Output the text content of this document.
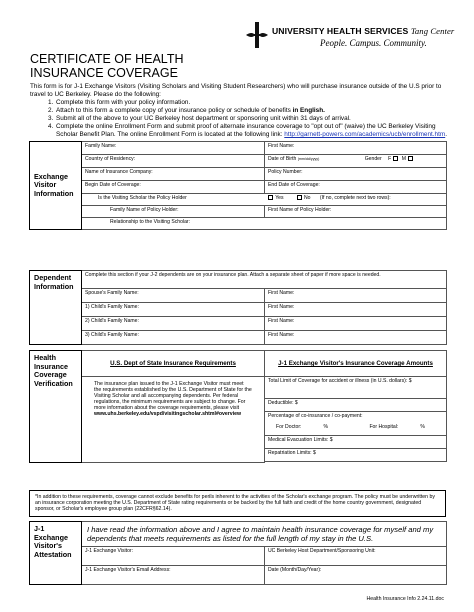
UNIVERSITY HEALTH SERVICES Tang Center
People. Campus. Community.
CERTIFICATE OF HEALTH
INSURANCE COVERAGE
This form is for J-1 Exchange Visitors (Visiting Scholars and Visiting Student Researchers) who will purchase insurance outside of the U.S prior to travel to UC Berkeley. Please do the following:
1. Complete this form with your policy information.
2. Attach to this form a complete copy of your insurance policy or schedule of benefits in English.
3. Submit all of the above to your UC Berkeley host department or sponsoring unit within 31 days of arrival.
4. Complete the online Enrollment Form and submit proof of alternate insurance coverage to "opt out of" (waive) the UC Berkeley Visiting Scholar Benefit Plan. The online Enrollment Form is located at the following link: http://garnett-powers.com/academics/ucb/enrollment.htm.
Exchange Visitor Information	Family Name:	First Name:
	Country of Residency:	Date of Birth (mm/dd/yyyy) Gender F M
	Name of Insurance Company:	Policy Number:
	Begin Date of Coverage:	End Date of Coverage:
	Is the Visiting Scholar the Policy Holder Yes No (If no, complete next two rows):	
	Family Name of Policy Holder:	First Name of Policy Holder:
	Relationship to the Visiting Scholar:	
Dependent Information	Complete this section if your J-2 dependents are on your insurance plan. Attach a separate sheet of paper if more space is needed.	
	Spouse's Family Name:	First Name:
	1) Child's Family Name:	First Name:
	2) Child's Family Name:	First Name:
	3) Child's Family Name:	First Name:
Health Insurance Coverage Verification	U.S. Dept of State Insurance Requirements	J-1 Exchange Visitor's Insurance Coverage Amounts
	The insurance plan issued to the J-1 Exchange Visitor must meet the requirements established by the U.S. Department of State for the Visiting Scholar and all accompanying dependents. Per federal regulations, the minimum requirements are subject to change. For more information about the coverage requirements, please visit
www.uhs.berkeley.edu/vspd/visitingscholar.shtml#overview	Total Limit of Coverage for accident or illness (in U.S. dollars): $
		Deductible: $

		Percentage of co-insurance / co-payment:
For Doctor: % For Hospital: %

		Medical Evacuation Limits: $
		Repatriation Limits: $

*In addition to these requirements, coverage cannot exclude benefits for perils inherent to the activities of the Scholar's exchange program. The policy must be underwritten by an insurance corporation meeting the U.S. Department of State rating requirements or be backed by the full faith and credit of the home country government, designated sponsor, or Scholar's employee group plan (22CFR§62.14).
J-1 Exchange Visitor's Attestation	I have read the information above and I agree to maintain health insurance coverage for myself and my dependents that meets requirements as listed for the full length of my stay in the U.S.	
	J-1 Exchange Visitor:	UC Berkeley Host Department/Sponsoring Unit:
	J-1 Exchange Visitor's Email Address:	Date (Month/Day/Year):
Health Insurance Info 2.24.11.doc
